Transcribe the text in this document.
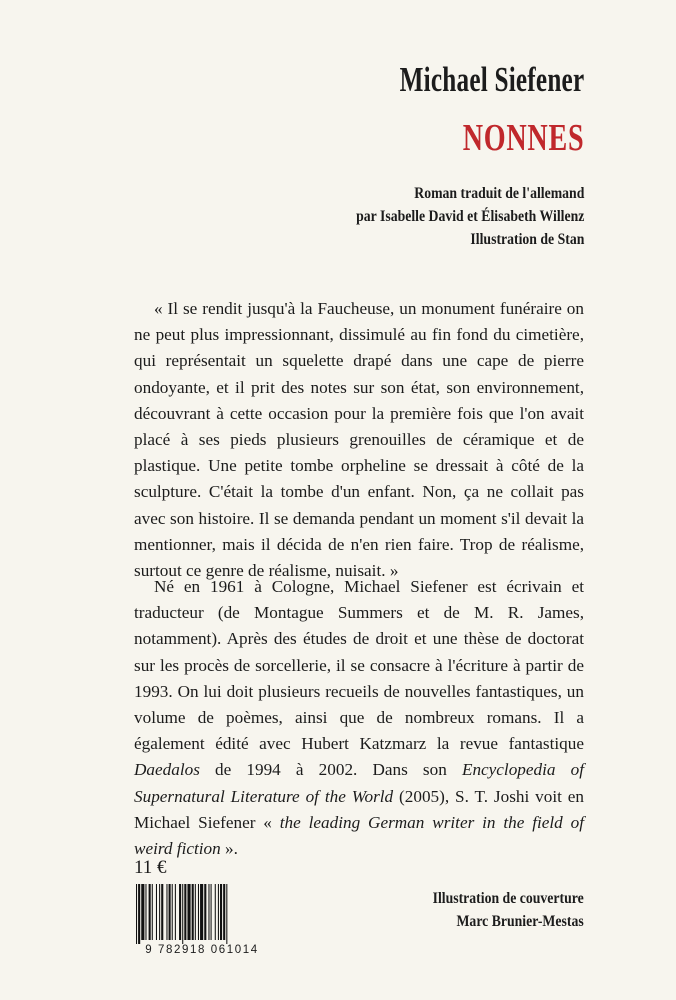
Michael Siefener
NONNES
Roman traduit de l'allemand
par Isabelle David et Élisabeth Willenz
Illustration de Stan

« Il se rendit jusqu'à la Faucheuse, un monument funéraire on ne peut plus impressionnant, dissimulé au fin fond du cimetière, qui représentait un squelette drapé dans une cape de pierre ondoyante, et il prit des notes sur son état, son environnement, découvrant à cette occasion pour la première fois que l'on avait placé à ses pieds plusieurs grenouilles de céramique et de plastique. Une petite tombe orpheline se dressait à côté de la sculpture. C'était la tombe d'un enfant. Non, ça ne collait pas avec son histoire. Il se demanda pendant un moment s'il devait la mentionner, mais il décida de n'en rien faire. Trop de réalisme, surtout ce genre de réalisme, nuisait. »

Né en 1961 à Cologne, Michael Siefener est écrivain et traducteur (de Montague Summers et de M. R. James, notamment). Après des études de droit et une thèse de doctorat sur les procès de sorcellerie, il se consacre à l'écriture à partir de 1993. On lui doit plusieurs recueils de nouvelles fantastiques, un volume de poèmes, ainsi que de nombreux romans. Il a également édité avec Hubert Katzmarz la revue fantastique Daedalos de 1994 à 2002. Dans son Encyclopedia of Supernatural Literature of the World (2005), S. T. Joshi voit en Michael Siefener « the leading German writer in the field of weird fiction ».

11 €
9 782918 061014
Illustration de couverture
Marc Brunier-Mestas
